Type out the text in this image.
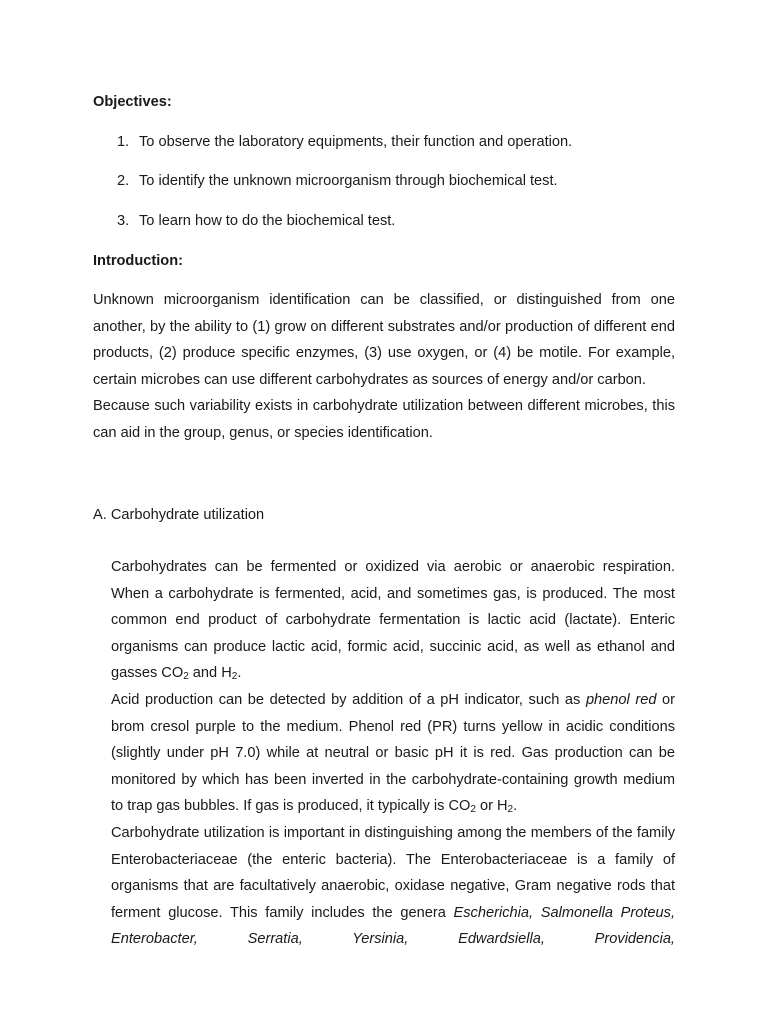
Objectives:
1. To observe the laboratory equipments, their function and operation.
2. To identify the unknown microorganism through biochemical test.
3. To learn how to do the biochemical test.
Introduction:

Unknown microorganism identification can be classified, or distinguished from one another, by the ability to (1) grow on different substrates and/or production of different end products, (2) produce specific enzymes, (3) use oxygen, or (4) be motile. For example, certain microbes can use different carbohydrates as sources of energy and/or carbon.
Because such variability exists in carbohydrate utilization between different microbes, this can aid in the group, genus, or species identification.

A. Carbohydrate utilization

Carbohydrates can be fermented or oxidized via aerobic or anaerobic respiration. When a carbohydrate is fermented, acid, and sometimes gas, is produced. The most common end product of carbohydrate fermentation is lactic acid (lactate). Enteric organisms can produce lactic acid, formic acid, succinic acid, as well as ethanol and gasses $CO_2$ and $H_2$.
Acid production can be detected by addition of a pH indicator, such as phenol red or brom cresol purple to the medium. Phenol red (PR) turns yellow in acidic conditions (slightly under pH 7.0) while at neutral or basic pH it is red. Gas production can be monitored by which has been inverted in the carbohydrate-containing growth medium to trap gas bubbles. If gas is produced, it typically is $CO_2$ or $H_2$.
Carbohydrate utilization is important in distinguishing among the members of the family Enterobacteriaceae (the enteric bacteria). The Enterobacteriaceae is a family of organisms that are facultatively anaerobic, oxidase negative, Gram negative rods that ferment glucose. This family includes the genera Escherichia, Salmonella Proteus, Enterobacter, Serratia, Yersinia, Edwardsiella, Providencia,
